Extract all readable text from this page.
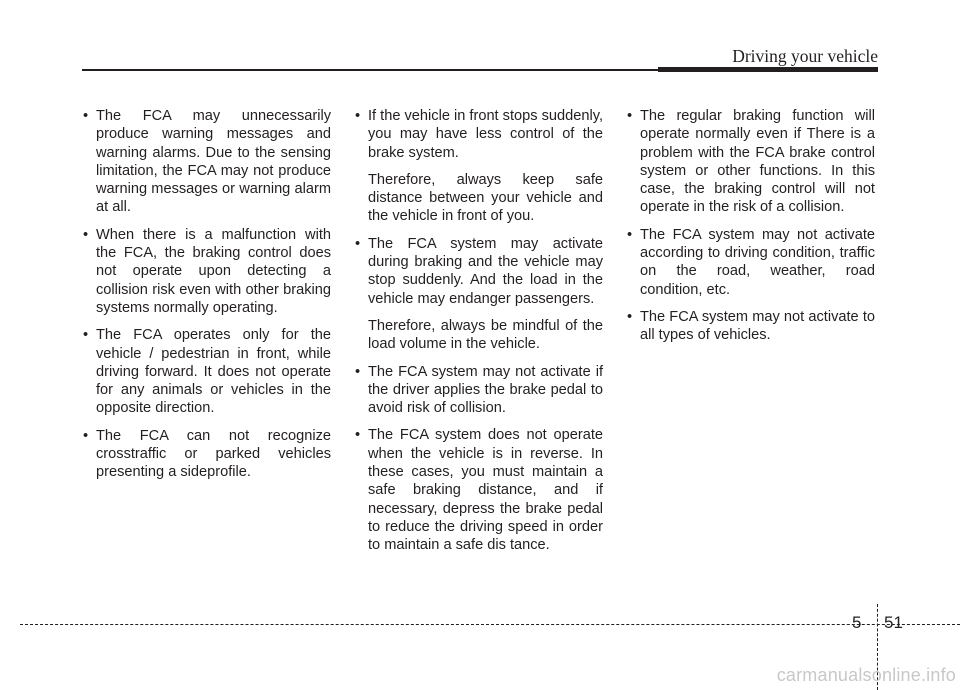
Driving your vehicle
• The FCA may unnecessarily produce warning messages and warning alarms. Due to the sensing limitation, the FCA may not produce warning messages or warning alarm at all.
• When there is a malfunction with the FCA, the braking control does not operate upon detecting a collision risk even with other braking systems normally operating.
• The FCA operates only for the vehicle / pedestrian in front, while driving forward. It does not operate for any animals or vehicles in the opposite direction.
• The FCA can not recognize crosstraffic or parked vehicles presenting a sideprofile.
• If the vehicle in front stops suddenly, you may have less control of the brake system.
Therefore, always keep safe distance between your vehicle and the vehicle in front of you.
• The FCA system may activate during braking and the vehicle may stop suddenly. And the load in the vehicle may endanger passengers.
Therefore, always be mindful of the load volume in the vehicle.
• The FCA system may not activate if the driver applies the brake pedal to avoid risk of collision.
• The FCA system does not operate when the vehicle is in reverse. In these cases, you must maintain a safe braking distance, and if necessary, depress the brake pedal to reduce the driving speed in order to maintain a safe dis tance.
• The regular braking function will operate normally even if There is a problem with the FCA brake control system or other functions. In this case, the braking control will not operate in the risk of a collision.
• The FCA system may not activate according to driving condition, traffic on the road, weather, road condition, etc.
• The FCA system may not activate to all types of vehicles.
5 51
carmanualsonline.info
